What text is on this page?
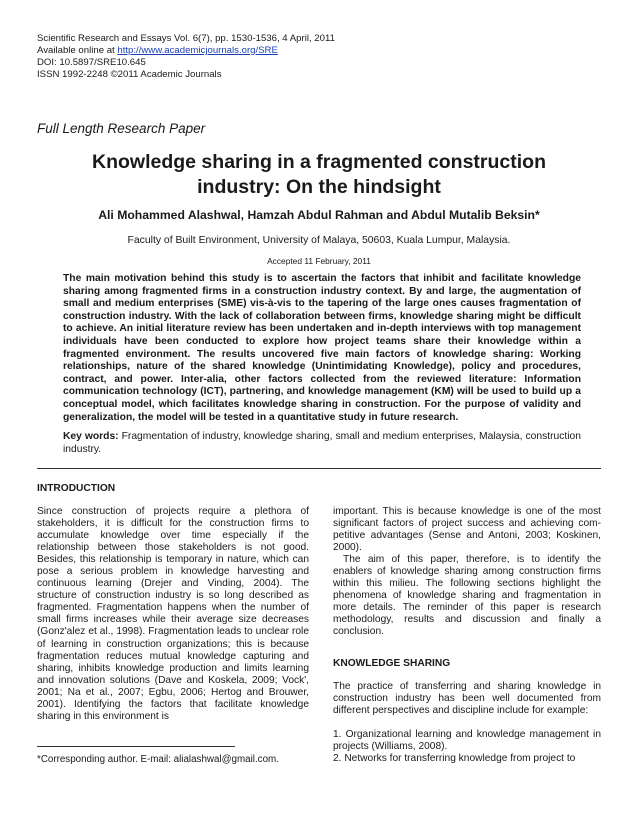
Scientific Research and Essays Vol. 6(7), pp. 1530-1536, 4 April, 2011
Available online at http://www.academicjournals.org/SRE
DOI: 10.5897/SRE10.645
ISSN 1992-2248 ©2011 Academic Journals
Full Length Research Paper
Knowledge sharing in a fragmented construction
industry: On the hindsight
Ali Mohammed Alashwal, Hamzah Abdul Rahman and Abdul Mutalib Beksin*
Faculty of Built Environment, University of Malaya, 50603, Kuala Lumpur, Malaysia.
Accepted 11 February, 2011
The main motivation behind this study is to ascertain the factors that inhibit and facilitate knowledge sharing among fragmented firms in a construction industry context. By and large, the augmentation of small and medium enterprises (SME) vis-à-vis to the tapering of the large ones causes fragmentation of construction industry. With the lack of collaboration between firms, knowledge sharing might be difficult to achieve. An initial literature review has been undertaken and in-depth interviews with top management individuals have been conducted to explore how project teams share their knowledge within a fragmented environment. The results uncovered five main factors of knowledge sharing: Working relationships, nature of the shared knowledge (Unintimidating Knowledge), policy and procedures, contract, and power. Inter-alia, other factors collected from the reviewed literature: Information communication technology (ICT), partnering, and knowledge management (KM) will be used to build up a conceptual model, which facilitates knowledge sharing in construction. For the purpose of validity and generalization, the model will be tested in a quantitative study in future research.
Key words: Fragmentation of industry, knowledge sharing, small and medium enterprises, Malaysia, construction industry.
INTRODUCTION
Since construction of projects require a plethora of stakeholders, it is difficult for the construction firms to accumulate knowledge over time especially if the relationship between those stakeholders is not good. Besides, this relationship is temporary in nature, which can pose a serious problem in knowledge harvesting and continuous learning (Drejer and Vinding, 2004). The structure of construction industry is so long described as fragmented. Fragmentation happens when the number of small firms increases while their average size decreases (Gonz'alez et al., 1998). Fragmentation leads to unclear role of learning in construction organizations; this is because fragmentation reduces mutual knowledge capturing and sharing, inhibits knowledge production and limits learning and innovation solutions (Dave and Koskela, 2009; Vock', 2001; Na et al., 2007; Egbu, 2006; Hertog and Brouwer, 2001). Identifying the factors that facilitate knowledge sharing in this environment is
*Corresponding author. E-mail: alialashwal@gmail.com.

important. This is because knowledge is one of the most significant factors of project success and achieving com-petitive advantages (Sense and Antoni, 2003; Koskinen, 2000).

The aim of this paper, therefore, is to identify the enablers of knowledge sharing among construction firms within this milieu. The following sections highlight the phenomena of knowledge sharing and fragmentation in more details. The reminder of this paper is research methodology, results and discussion and finally a conclusion.

KNOWLEDGE SHARING
The practice of transferring and sharing knowledge in construction industry has been well documented from different perspectives and discipline include for example:

1. Organizational learning and knowledge management in projects (Williams, 2008).

2. Networks for transferring knowledge from project to
